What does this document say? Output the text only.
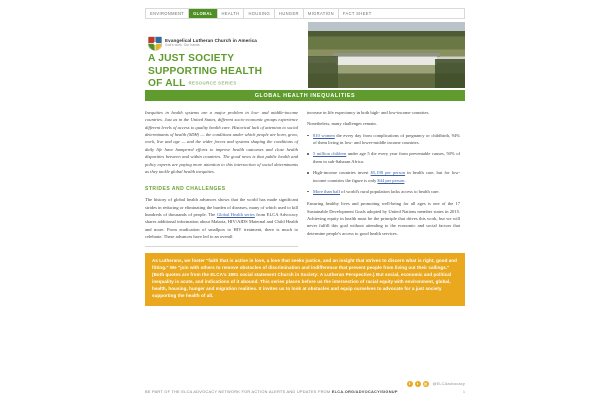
ENVIRONMENT	GLOBAL	HEALTH	HOUSING	HUNGER	MIGRATION	FACT SHEET
Evangelical Lutheran Church in America
God's work. Our hands.
A JUST SOCIETY
SUPPORTING HEALTH
OF ALL RESOURCE SERIES
GLOBAL HEALTH INEQUALITIES

Inequities in health systems are a major problem in low- and middle-income countries. Just as in the United States, different socio-economic groups experience different levels of access to quality health care. Historical lack of attention to social determinants of health (SDH) — the conditions under which people are born, grow, work, live and age — and the wider forces and systems shaping the conditions of daily life have hampered efforts to improve health outcomes and close health disparities between and within countries. The good news is that public health and policy experts are paying more attention to this intersection of social determinants as they tackle global health inequities.

STRIDES AND CHALLENGES

The history of global health advances shows that the world has made significant strides in reducing or eliminating the burden of diseases, many of which used to kill hundreds of thousands of people. The Global Health series from ELCA Advocacy shares additional information about Malaria, HIV/AIDS Maternal and Child Health and more. From eradication of smallpox to HIV treatment, there is much to celebrate. These advances have led to an overall

increase in life expectancy in both high- and low-income countries.

Nonetheless, many challenges remain.

810 women die every day from complications of pregnancy or childbirth, 94% of them living in low- and lower-middle income countries.
5 million children under age 5 die every year from preventable causes, 50% of them in sub-Saharan Africa.
High-income countries invest $5,198 per person in health care, but for low-income countries the figure is only $44 per person.
More than half of world's rural population lacks access to health care.

Ensuring healthy lives and promoting well-being for all ages is one of the 17 Sustainable Development Goals adopted by United Nations member states in 2015. Achieving equity in health must be the principle that drives this work, but we will never fulfill this goal without attending to the economic and social factors that determine people's access to good health services.

As Lutherans, we foster "faith that is active in love, a love that seeks justice, and an insight that strives to discern what is right, good and fitting." We "join with others to remove obstacles of discrimination and indifference that prevent people from living out their callings." (Both quotes are from the ELCA's 1991 social statement Church in Society: A Lutheran Perspective.) But social, economic and political inequality is acute, and indications of it abound. This series places before us the intersection of racial equity with environment, global, health, housing, hunger and migration realities. It invites us to look at obstacles and equip ourselves to advocate for a just society supporting the health of all.
f	t	◎	@ELCAadvocacy
BE PART OF THE ELCA ADVOCACY NETWORK FOR ACTION ALERTS AND UPDATES FROM ELCA.ORG/ADVOCACY/SIGNUP	1
